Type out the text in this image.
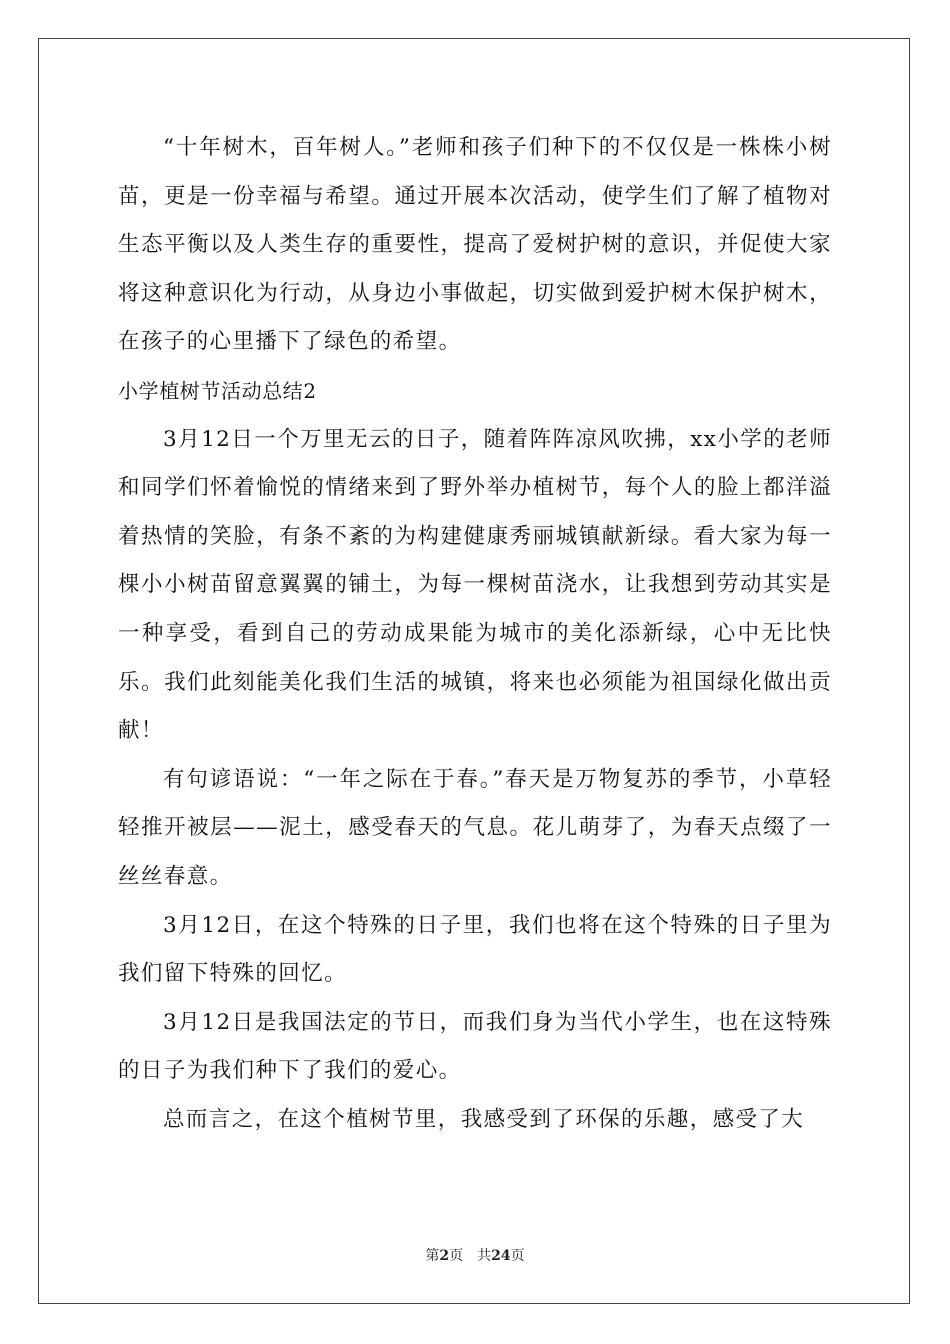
“十年树木，百年树人。”老师和孩子们种下的不仅仅是一株株小树苗，更是一份幸福与希望。通过开展本次活动，使学生们了解了植物对生态平衡以及人类生存的重要性，提高了爱树护树的意识，并促使大家将这种意识化为行动，从身边小事做起，切实做到爱护树木保护树木，在孩子的心里播下了绿色的希望。

小学植树节活动总结2

3月12日一个万里无云的日子，随着阵阵凉风吹拂，xx小学的老师和同学们怀着愉悦的情绪来到了野外举办植树节，每个人的脸上都洋溢着热情的笑脸，有条不紊的为构建健康秀丽城镇献新绿。看大家为每一棵小小树苗留意翼翼的铺土，为每一棵树苗浇水，让我想到劳动其实是一种享受，看到自己的劳动成果能为城市的美化添新绿，心中无比快乐。我们此刻能美化我们生活的城镇，将来也必须能为祖国绿化做出贡献！

有句谚语说：“一年之际在于春。”春天是万物复苏的季节，小草轻轻推开被层——泥土，感受春天的气息。花儿萌芽了，为春天点缀了一丝丝春意。

3月12日，在这个特殊的日子里，我们也将在这个特殊的日子里为我们留下特殊的回忆。

3月12日是我国法定的节日，而我们身为当代小学生，也在这特殊的日子为我们种下了我们的爱心。

总而言之，在这个植树节里，我感受到了环保的乐趣，感受了大

第2页 共24页
